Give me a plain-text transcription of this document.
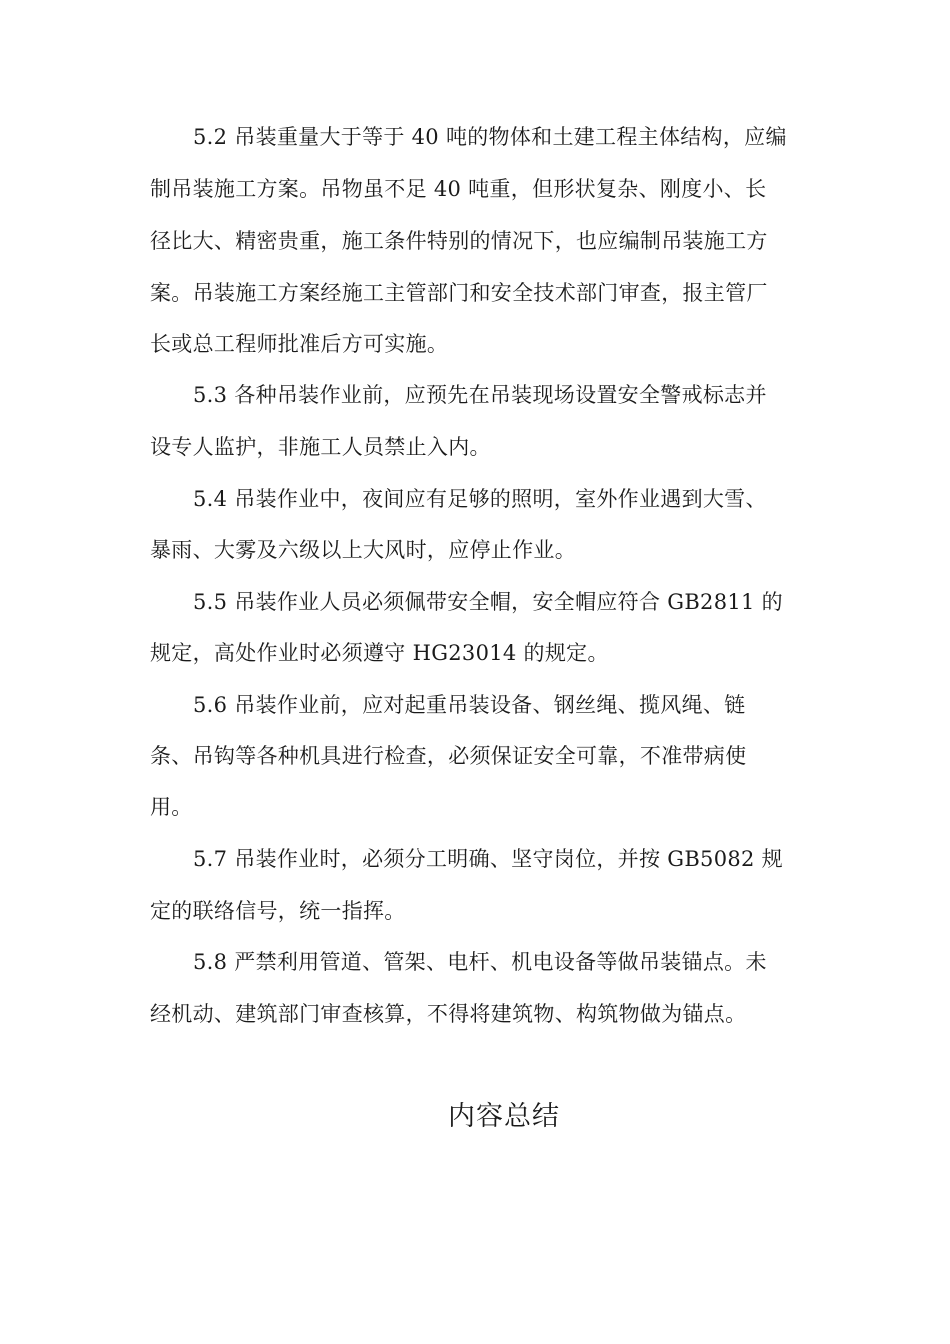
5.2 吊装重量大于等于 40 吨的物体和土建工程主体结构，应编
制吊装施工方案。吊物虽不足 40 吨重，但形状复杂、刚度小、长
径比大、精密贵重，施工条件特别的情况下，也应编制吊装施工方
案。吊装施工方案经施工主管部门和安全技术部门审查，报主管厂
长或总工程师批准后方可实施。
5.3 各种吊装作业前，应预先在吊装现场设置安全警戒标志并
设专人监护，非施工人员禁止入内。
5.4 吊装作业中，夜间应有足够的照明，室外作业遇到大雪、
暴雨、大雾及六级以上大风时，应停止作业。
5.5 吊装作业人员必须佩带安全帽，安全帽应符合 GB2811 的
规定，高处作业时必须遵守 HG23014 的规定。
5.6 吊装作业前，应对起重吊装设备、钢丝绳、揽风绳、链
条、吊钩等各种机具进行检查，必须保证安全可靠，不准带病使
用。
5.7 吊装作业时，必须分工明确、坚守岗位，并按 GB5082 规
定的联络信号，统一指挥。
5.8 严禁利用管道、管架、电杆、机电设备等做吊装锚点。未
经机动、建筑部门审查核算，不得将建筑物、构筑物做为锚点。
内容总结
